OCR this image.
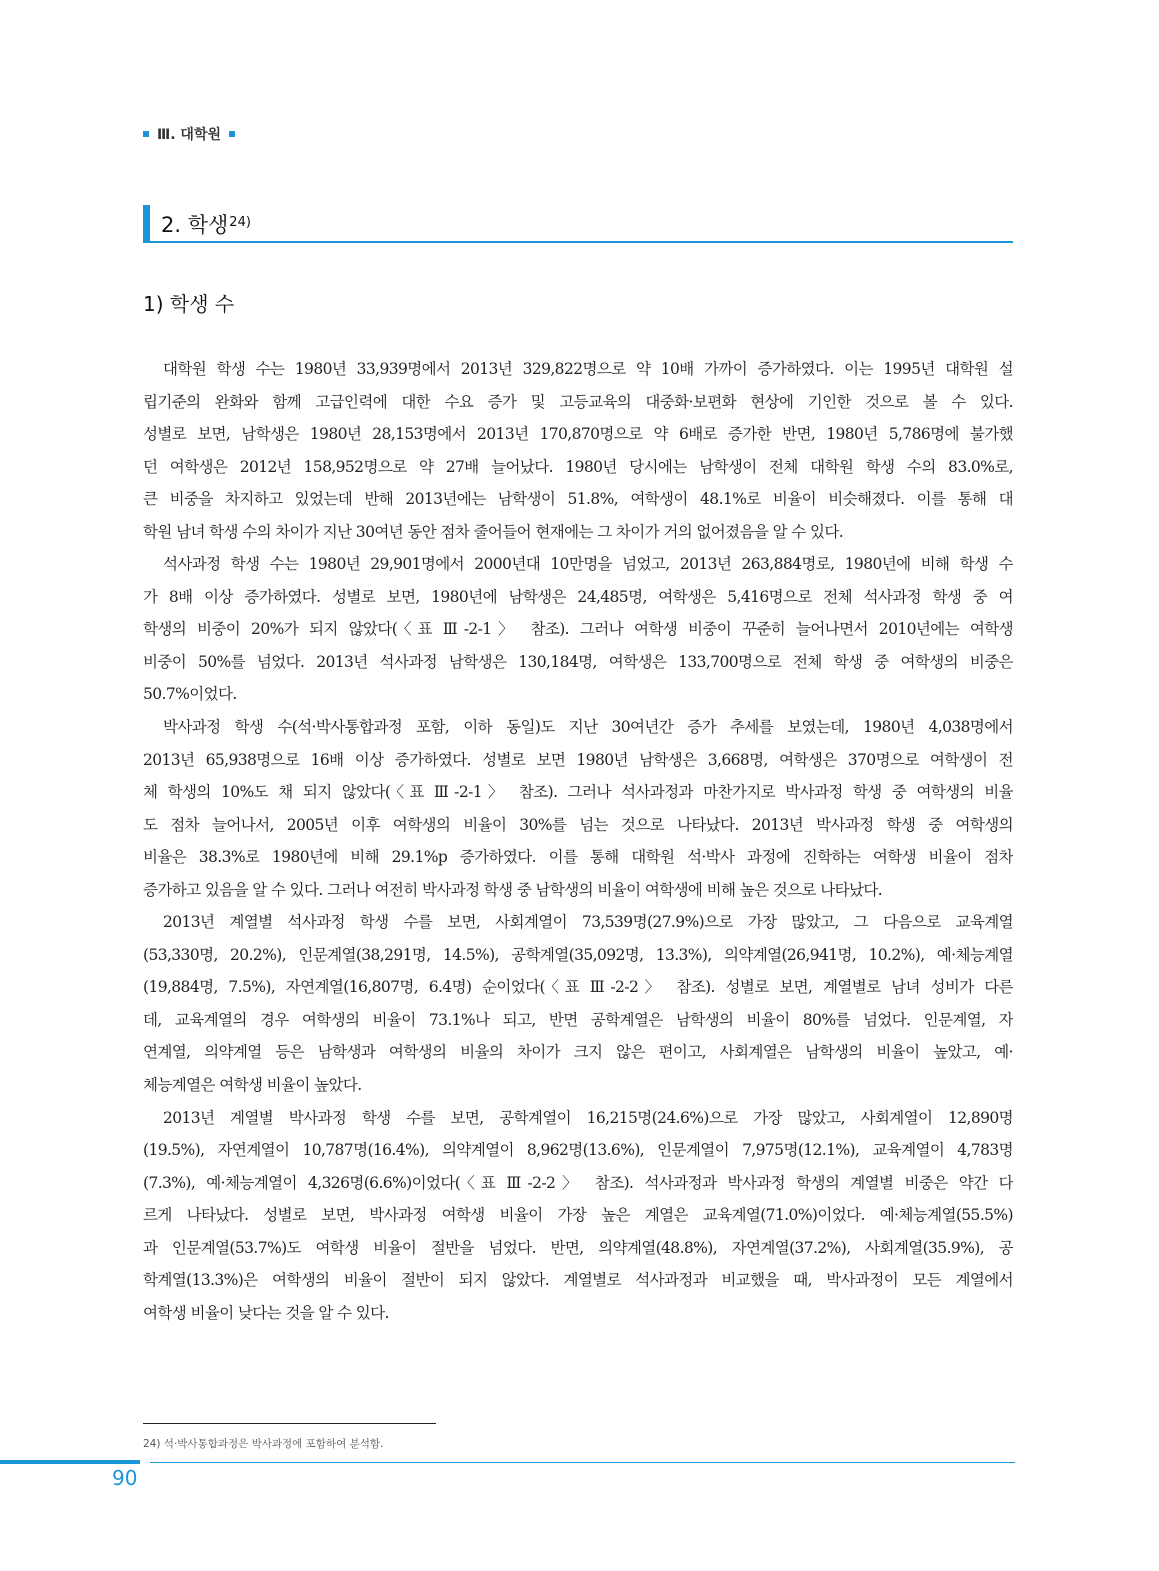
Ⅲ. 대학원
2. 학생$^{24)}$
1) 학생 수
대학원 학생 수는 1980년 33,939명에서 2013년 329,822명으로 약 10배 가까이 증가하였다. 이는 1995년 대학원 설
립기준의 완화와 함께 고급인력에 대한 수요 증가 및 고등교육의 대중화·보편화 현상에 기인한 것으로 볼 수 있다.
성별로 보면, 남학생은 1980년 28,153명에서 2013년 170,870명으로 약 6배로 증가한 반면, 1980년 5,786명에 불가했
던 여학생은 2012년 158,952명으로 약 27배 늘어났다. 1980년 당시에는 남학생이 전체 대학원 학생 수의 83.0%로,
큰 비중을 차지하고 있었는데 반해 2013년에는 남학생이 51.8%, 여학생이 48.1%로 비율이 비슷해졌다. 이를 통해 대
학원 남녀 학생 수의 차이가 지난 30여년 동안 점차 줄어들어 현재에는 그 차이가 거의 없어졌음을 알 수 있다.
석사과정 학생 수는 1980년 29,901명에서 2000년대 10만명을 넘었고, 2013년 263,884명로, 1980년에 비해 학생 수
가 8배 이상 증가하였다. 성별로 보면, 1980년에 남학생은 24,485명, 여학생은 5,416명으로 전체 석사과정 학생 중 여
학생의 비중이 20%가 되지 않았다(〈표 Ⅲ-2-1〉 참조). 그러나 여학생 비중이 꾸준히 늘어나면서 2010년에는 여학생
비중이 50%를 넘었다. 2013년 석사과정 남학생은 130,184명, 여학생은 133,700명으로 전체 학생 중 여학생의 비중은
50.7%이었다.
박사과정 학생 수(석·박사통합과정 포함, 이하 동일)도 지난 30여년간 증가 추세를 보였는데, 1980년 4,038명에서
2013년 65,938명으로 16배 이상 증가하였다. 성별로 보면 1980년 남학생은 3,668명, 여학생은 370명으로 여학생이 전
체 학생의 10%도 채 되지 않았다(〈표 Ⅲ-2-1〉 참조). 그러나 석사과정과 마찬가지로 박사과정 학생 중 여학생의 비율
도 점차 늘어나서, 2005년 이후 여학생의 비율이 30%를 넘는 것으로 나타났다. 2013년 박사과정 학생 중 여학생의
비율은 38.3%로 1980년에 비해 29.1%p 증가하였다. 이를 통해 대학원 석·박사 과정에 진학하는 여학생 비율이 점차
증가하고 있음을 알 수 있다. 그러나 여전히 박사과정 학생 중 남학생의 비율이 여학생에 비해 높은 것으로 나타났다.
2013년 계열별 석사과정 학생 수를 보면, 사회계열이 73,539명(27.9%)으로 가장 많았고, 그 다음으로 교육계열
(53,330명, 20.2%), 인문계열(38,291명, 14.5%), 공학계열(35,092명, 13.3%), 의약계열(26,941명, 10.2%), 예·체능계열
(19,884명, 7.5%), 자연계열(16,807명, 6.4명) 순이었다(〈표 Ⅲ-2-2〉 참조). 성별로 보면, 계열별로 남녀 성비가 다른
데, 교육계열의 경우 여학생의 비율이 73.1%나 되고, 반면 공학계열은 남학생의 비율이 80%를 넘었다. 인문계열, 자
연계열, 의약계열 등은 남학생과 여학생의 비율의 차이가 크지 않은 편이고, 사회계열은 남학생의 비율이 높았고, 예·
체능계열은 여학생 비율이 높았다.
2013년 계열별 박사과정 학생 수를 보면, 공학계열이 16,215명(24.6%)으로 가장 많았고, 사회계열이 12,890명
(19.5%), 자연계열이 10,787명(16.4%), 의약계열이 8,962명(13.6%), 인문계열이 7,975명(12.1%), 교육계열이 4,783명
(7.3%), 예·체능계열이 4,326명(6.6%)이었다(〈표 Ⅲ-2-2〉 참조). 석사과정과 박사과정 학생의 계열별 비중은 약간 다
르게 나타났다. 성별로 보면, 박사과정 여학생 비율이 가장 높은 계열은 교육계열(71.0%)이었다. 예·체능계열(55.5%)
과 인문계열(53.7%)도 여학생 비율이 절반을 넘었다. 반면, 의약계열(48.8%), 자연계열(37.2%), 사회계열(35.9%), 공
학계열(13.3%)은 여학생의 비율이 절반이 되지 않았다. 계열별로 석사과정과 비교했을 때, 박사과정이 모든 계열에서
여학생 비율이 낮다는 것을 알 수 있다.
24) 석·박사통합과정은 박사과정에 포함하여 분석함.
90
